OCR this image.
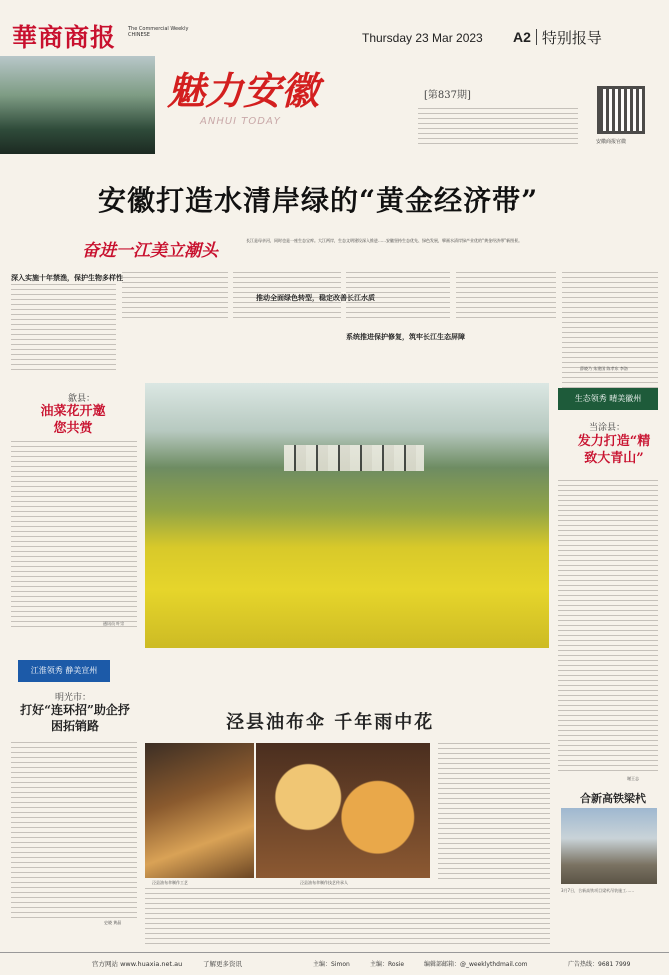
華商商报 The Commercial Weekly CHINESE	Thursday 23 Mar 2023 A2 特别报导
魅力安徽
ANHUI TODAY
[第837期]
安徽商报官微
安徽打造水清岸绿的“黄金经济带”
奋进一江美立潮头
长江是母亲河，同时也是一座生态宝库。大江两岸，生态文明建设深入推进……安徽坚持生态优先、绿色发展，擘画水清岸绿产业优的“黄金经济带”新图景。
深入实施十年禁渔，保护生物多样性
推动全面绿色转型，稳定改善长江水质
系统推进保护修复，筑牢长江生态屏障
薛晓乃 朱建国 陈孝东 李洛
歙县：
油菜花开邀您共赏
通讯员 叶宗
生态领秀 晴美徽州
当涂县：
发力打造“精致大青山”
谢王志
江淮领秀 静美宣州
明光市：
打好“连环招”助企抒困拓销路
史晓 黄晶
泾县油布伞 千年雨中花
泾县油布伞制作工艺	泾县油布伞制作技艺传承人
合新高铁梁杙
3月7日，合新高铁项目梁杙吊装施工……
官方网站 www.huaxia.net.au	了解更多资讯	主编：Simon	主编：Rosie	编辑部邮箱：@_weeklythdmail.com	广告热线：9681 7999
